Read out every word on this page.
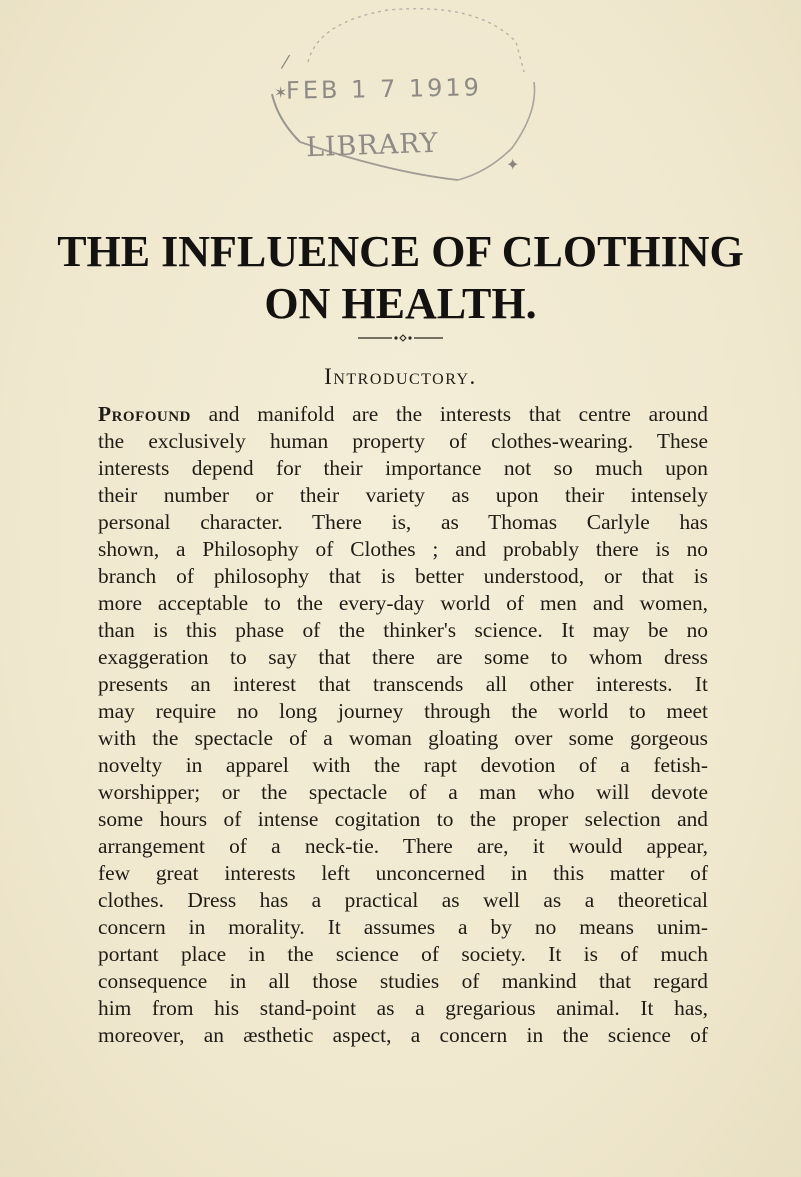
⁄
✶
✦
FEB 1 7 1919
LIBRARY
THE INFLUENCE OF CLOTHING
ON HEALTH.
Introductory.
Profound and manifold are the interests that centre around
the exclusively human property of clothes-wearing. These
interests depend for their importance not so much upon
their number or their variety as upon their intensely
personal character. There is, as Thomas Carlyle has
shown, a Philosophy of Clothes ; and probably there is no
branch of philosophy that is better understood, or that is
more acceptable to the every-day world of men and women,
than is this phase of the thinker's science. It may be no
exaggeration to say that there are some to whom dress
presents an interest that transcends all other interests. It
may require no long journey through the world to meet
with the spectacle of a woman gloating over some gorgeous
novelty in apparel with the rapt devotion of a fetish-
worshipper; or the spectacle of a man who will devote
some hours of intense cogitation to the proper selection and
arrangement of a neck-tie. There are, it would appear,
few great interests left unconcerned in this matter of
clothes. Dress has a practical as well as a theoretical
concern in morality. It assumes a by no means unim-
portant place in the science of society. It is of much
consequence in all those studies of mankind that regard
him from his stand-point as a gregarious animal. It has,
moreover, an æsthetic aspect, a concern in the science of
